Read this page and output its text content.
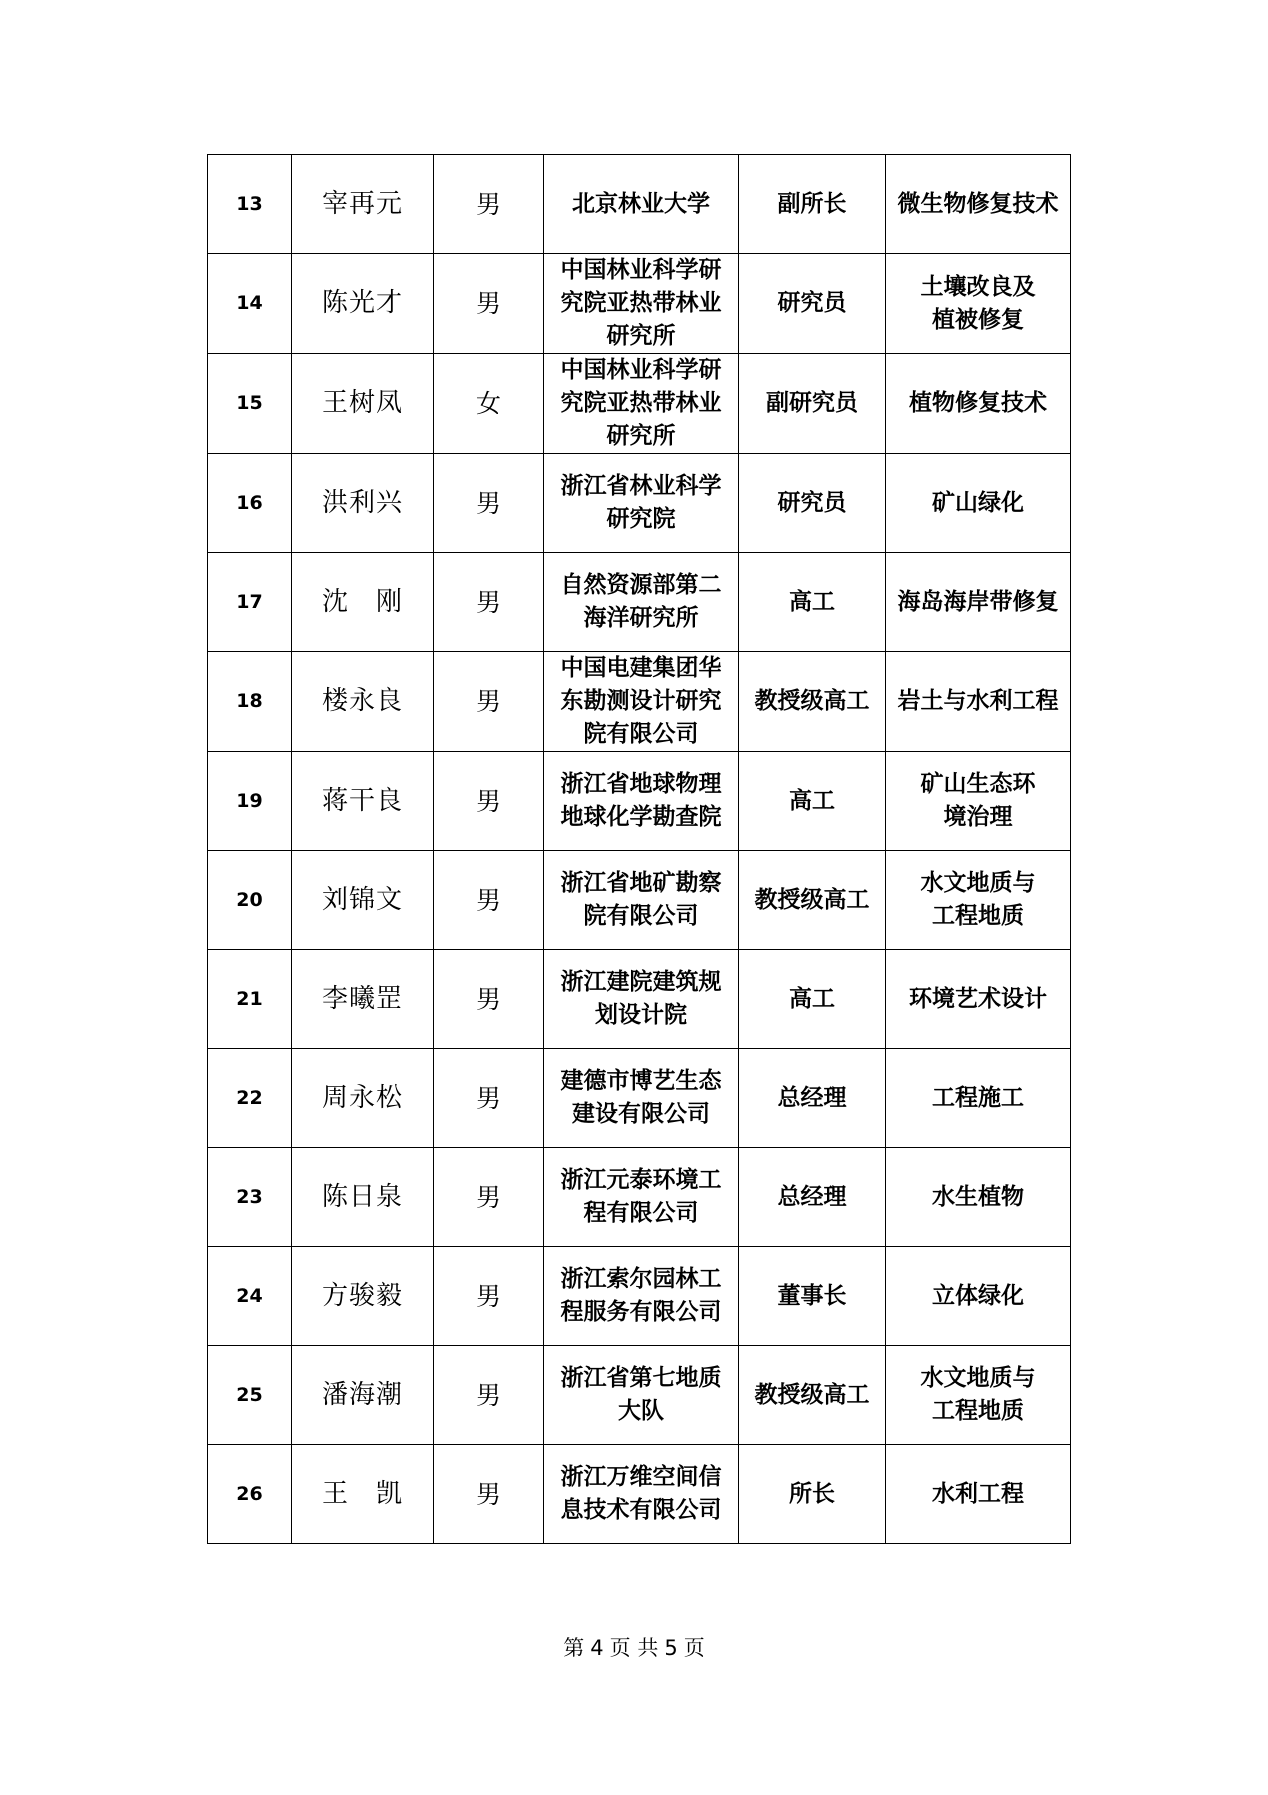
13	宰再元	男	北京林业大学	副所长	微生物修复技术
14	陈光才	男	中国林业科学研究院亚热带林业研究所	研究员	土壤改良及植被修复
15	王树凤	女	中国林业科学研究院亚热带林业研究所	副研究员	植物修复技术
16	洪利兴	男	浙江省林业科学研究院	研究员	矿山绿化
17	沈　刚	男	自然资源部第二海洋研究所	高工	海岛海岸带修复
18	楼永良	男	中国电建集团华东勘测设计研究院有限公司	教授级高工	岩土与水利工程
19	蒋干良	男	浙江省地球物理地球化学勘查院	高工	矿山生态环境治理
20	刘锦文	男	浙江省地矿勘察院有限公司	教授级高工	水文地质与工程地质
21	李曦罡	男	浙江建院建筑规划设计院	高工	环境艺术设计
22	周永松	男	建德市博艺生态建设有限公司	总经理	工程施工
23	陈日泉	男	浙江元泰环境工程有限公司	总经理	水生植物
24	方骏毅	男	浙江索尔园林工程服务有限公司	董事长	立体绿化
25	潘海潮	男	浙江省第七地质大队	教授级高工	水文地质与工程地质
26	王　凯	男	浙江万维空间信息技术有限公司	所长	水利工程
第 4 页 共 5 页
